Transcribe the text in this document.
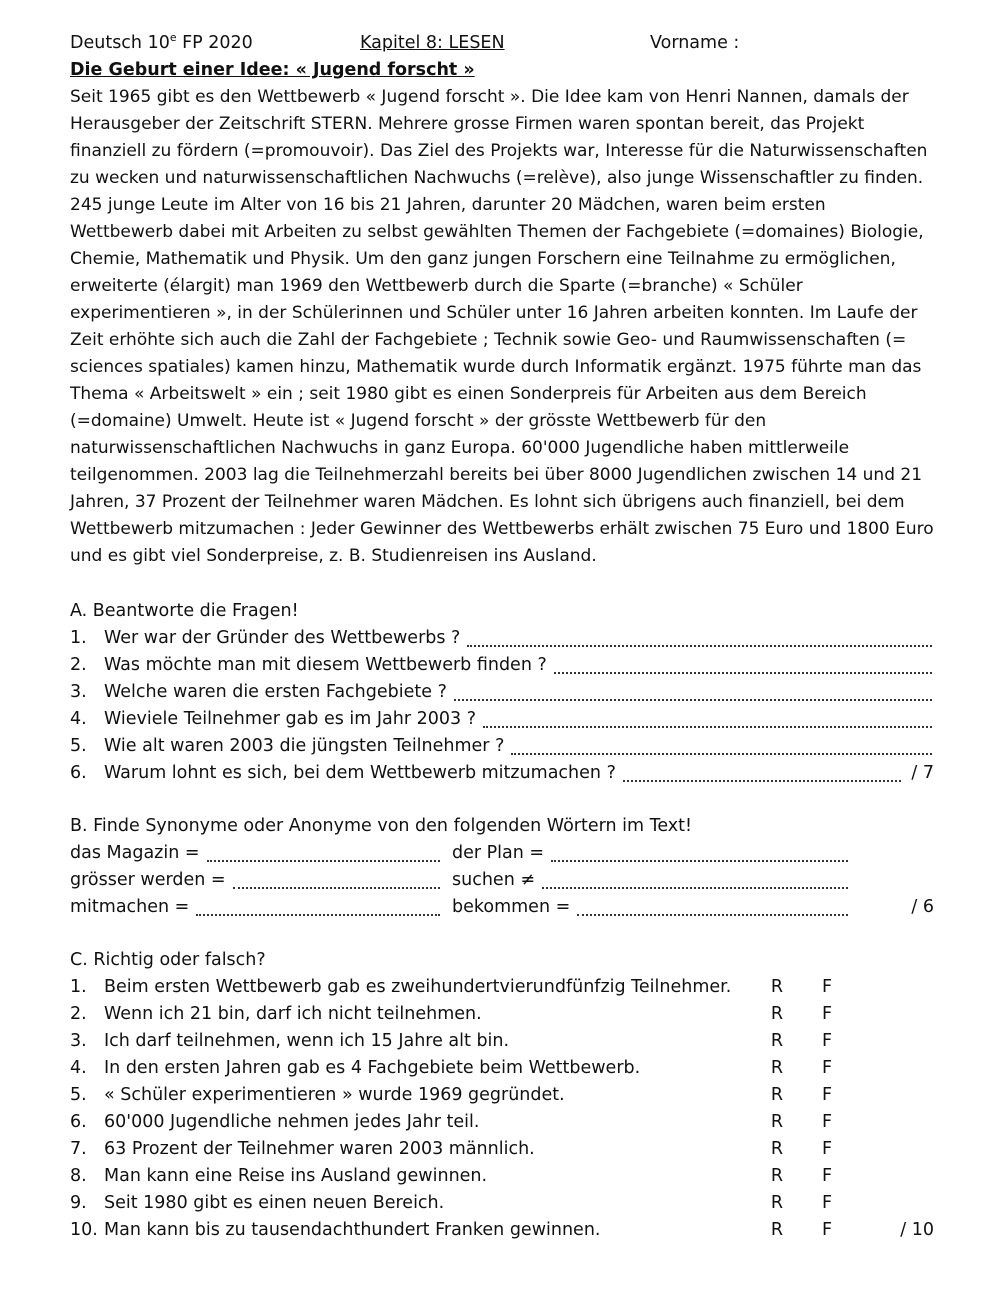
Deutsch 10e FP 2020	Kapitel 8: LESEN	Vorname :
Die Geburt einer Idee: « Jugend forscht »
Seit 1965 gibt es den Wettbewerb « Jugend forscht ». Die Idee kam von Henri Nannen, damals der Herausgeber der Zeitschrift STERN. Mehrere grosse Firmen waren spontan bereit, das Projekt finanziell zu fördern (=promouvoir). Das Ziel des Projekts war, Interesse für die Naturwissenschaften zu wecken und naturwissenschaftlichen Nachwuchs (=relève), also junge Wissenschaftler zu finden. 245 junge Leute im Alter von 16 bis 21 Jahren, darunter 20 Mädchen, waren beim ersten Wettbewerb dabei mit Arbeiten zu selbst gewählten Themen der Fachgebiete (=domaines) Biologie, Chemie, Mathematik und Physik. Um den ganz jungen Forschern eine Teilnahme zu ermöglichen, erweiterte (élargit) man 1969 den Wettbewerb durch die Sparte (=branche) « Schüler experimentieren », in der Schülerinnen und Schüler unter 16 Jahren arbeiten konnten. Im Laufe der Zeit erhöhte sich auch die Zahl der Fachgebiete ; Technik sowie Geo- und Raumwissenschaften (= sciences spatiales) kamen hinzu, Mathematik wurde durch Informatik ergänzt. 1975 führte man das Thema « Arbeitswelt » ein ; seit 1980 gibt es einen Sonderpreis für Arbeiten aus dem Bereich (=domaine) Umwelt. Heute ist « Jugend forscht » der grösste Wettbewerb für den naturwissenschaftlichen Nachwuchs in ganz Europa. 60'000 Jugendliche haben mittlerweile teilgenommen. 2003 lag die Teilnehmerzahl bereits bei über 8000 Jugendlichen zwischen 14 und 21 Jahren, 37 Prozent der Teilnehmer waren Mädchen. Es lohnt sich übrigens auch finanziell, bei dem Wettbewerb mitzumachen : Jeder Gewinner des Wettbewerbs erhält zwischen 75 Euro und 1800 Euro und es gibt viel Sonderpreise, z. B. Studienreisen ins Ausland.
A. Beantworte die Fragen!
1. Wer war der Gründer des Wettbewerbs ?
2. Was möchte man mit diesem Wettbewerb finden ?
3. Welche waren die ersten Fachgebiete ?
4. Wieviele Teilnehmer gab es im Jahr 2003 ?
5. Wie alt waren 2003 die jüngsten Teilnehmer ?
6. Warum lohnt es sich, bei dem Wettbewerb mitzumachen ?	/ 7
B. Finde Synonyme oder Anonyme von den folgenden Wörtern im Text!
das Magazin =	der Plan =
grösser werden =	suchen ≠
mitmachen =	bekommen =	/ 6
C. Richtig oder falsch?
1. Beim ersten Wettbewerb gab es zweihundertvierundfünfzig Teilnehmer.	R	F
2. Wenn ich 21 bin, darf ich nicht teilnehmen.	R	F
3. Ich darf teilnehmen, wenn ich 15 Jahre alt bin.	R	F
4. In den ersten Jahren gab es 4 Fachgebiete beim Wettbewerb.	R	F
5. « Schüler experimentieren » wurde 1969 gegründet.	R	F
6. 60'000 Jugendliche nehmen jedes Jahr teil.	R	F
7. 63 Prozent der Teilnehmer waren 2003 männlich.	R	F
8. Man kann eine Reise ins Ausland gewinnen.	R	F
9. Seit 1980 gibt es einen neuen Bereich.	R	F
10. Man kann bis zu tausendachthundert Franken gewinnen.	R	F	/ 10
